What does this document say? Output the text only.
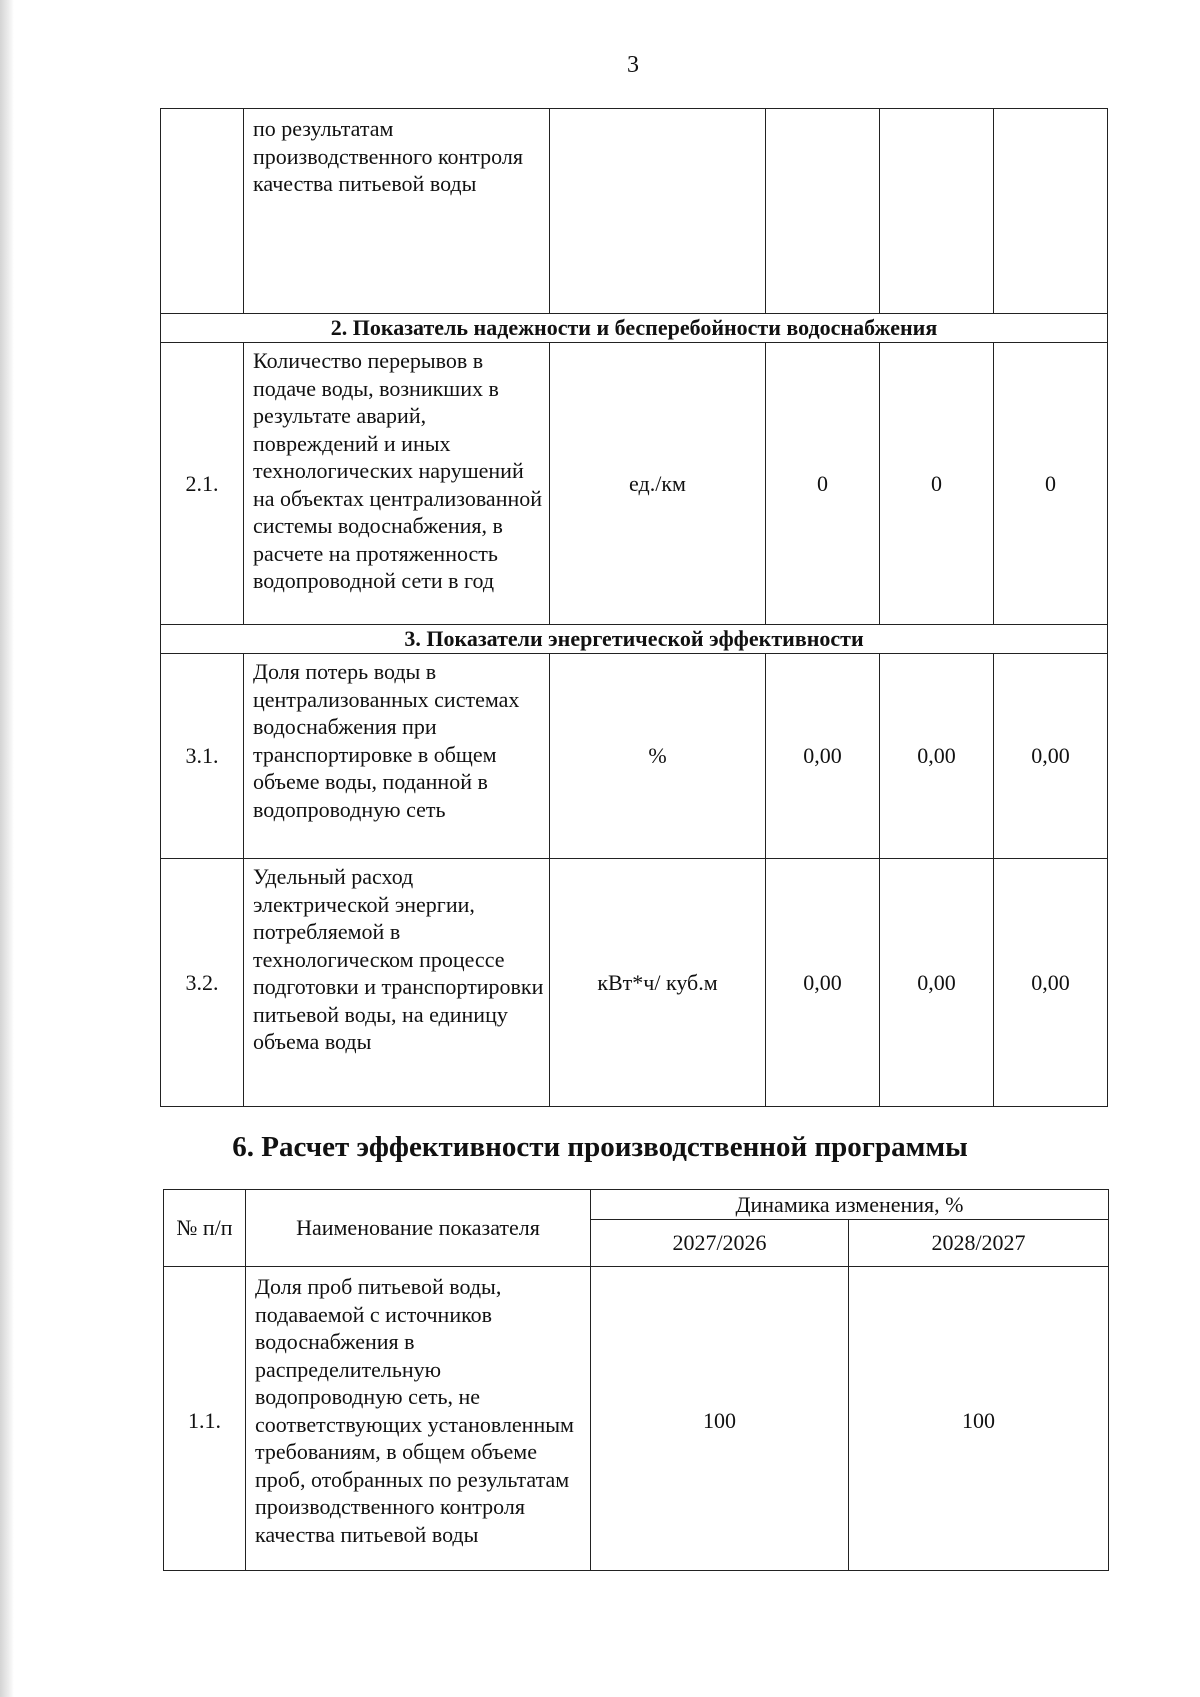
3
	по результатам производственного контроля качества питьевой воды				
2. Показатель надежности и бесперебойности водоснабжения					
2.1.	Количество перерывов в подаче воды, возникших в результате аварий, повреждений и иных технологических нарушений на объектах централизованной системы водоснабжения, в расчете на протяженность водопроводной сети в год	ед./км	0	0	0
3. Показатели энергетической эффективности					
3.1.	Доля потерь воды в централизованных системах водоснабжения при транспортировке в общем объеме воды, поданной в водопроводную сеть	%	0,00	0,00	0,00
3.2.	Удельный расход электрической энергии, потребляемой в технологическом процессе подготовки и транспортировки питьевой воды, на единицу объема воды	кВт*ч/ куб.м	0,00	0,00	0,00
6. Расчет эффективности производственной программы
№ п/п	Наименование показателя	Динамика изменения, %	
		2027/2026	2028/2027
1.1.	Доля проб питьевой воды, подаваемой с источников водоснабжения в распределительную водопроводную сеть, не соответствующих установленным требованиям, в общем объеме проб, отобранных по результатам производственного контроля качества питьевой воды	100	100
